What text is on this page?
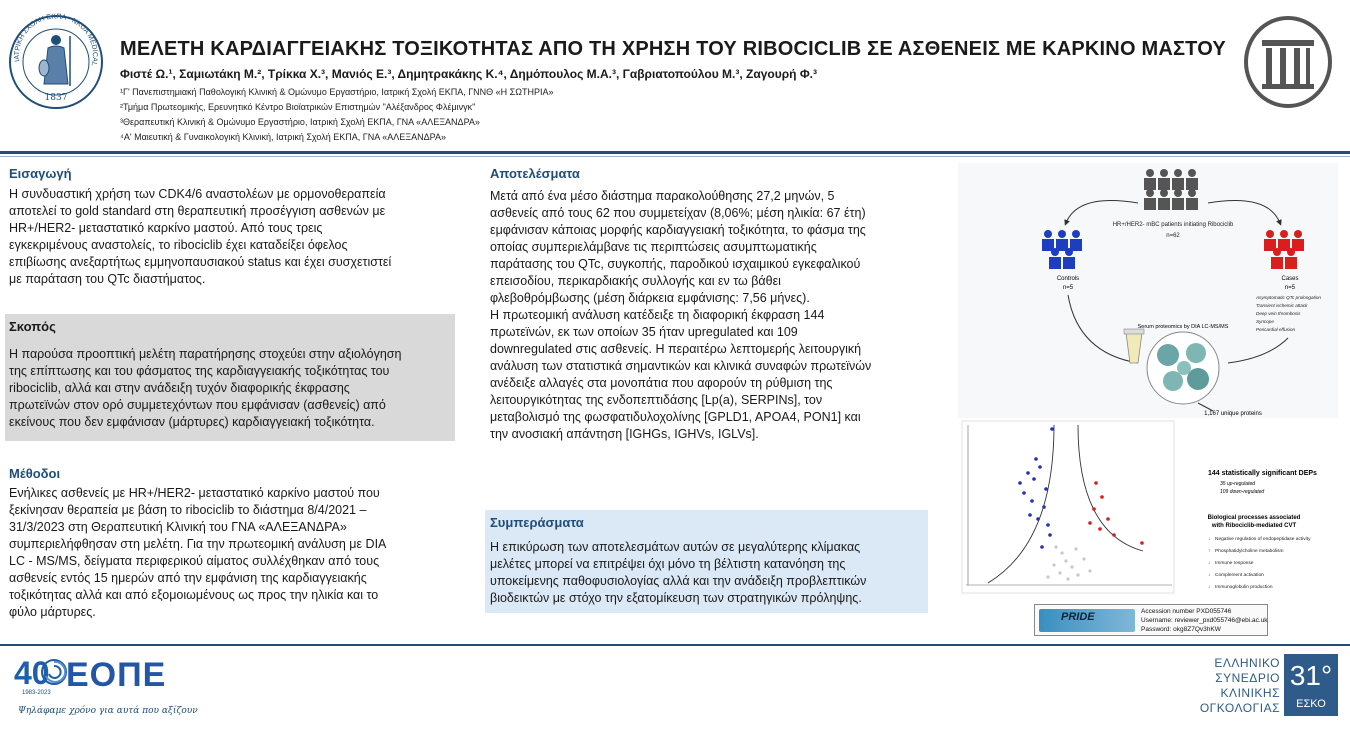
ΙΑΤΡΙΚΗ ΣΧΟΛΗ ΕΚΠΑ • NKUA MEDICAL
1837
ΜΕΛΕΤΗ ΚΑΡΔΙΑΓΓΕΙΑΚΗΣ ΤΟΞΙΚΟΤΗΤΑΣ ΑΠΟ ΤΗ ΧΡΗΣΗ ΤΟΥ RIBOCICLIB ΣΕ ΑΣΘΕΝΕΙΣ ΜΕ ΚΑΡΚΙΝΟ ΜΑΣΤΟΥ
Φιστέ Ω.¹, Σαμιωτάκη Μ.², Τρίκκα Χ.³, Μανιός Ε.³, Δημητρακάκης Κ.⁴, Δημόπουλος Μ.Α.³, Γαβριατοπούλου Μ.³, Ζαγουρή Φ.³
¹Γ' Πανεπιστημιακή Παθολογική Κλινική & Ομώνυμο Εργαστήριο, Ιατρική Σχολή ΕΚΠΑ, ΓΝΝΘ «Η ΣΩΤΗΡΙΑ»
²Τμήμα Πρωτεομικής, Ερευνητικό Κέντρο Βιοϊατρικών Επιστημών "Αλέξανδρος Φλέμινγκ"
³Θεραπευτική Κλινική & Ομώνυμο Εργαστήριο, Ιατρική Σχολή ΕΚΠΑ, ΓΝΑ «ΑΛΕΞΑΝΔΡΑ»
⁴Α' Μαιευτική & Γυναικολογική Κλινική, Ιατρική Σχολή ΕΚΠΑ, ΓΝΑ «ΑΛΕΞΑΝΔΡΑ»
Εισαγωγή
Η συνδυαστική χρήση των CDK4/6 αναστολέων με ορμονοθεραπεία
αποτελεί το gold standard στη θεραπευτική προσέγγιση ασθενών με
HR+/HER2- μεταστατικό καρκίνο μαστού. Από τους τρεις
εγκεκριμένους αναστολείς, το ribociclib έχει καταδείξει όφελος
επιβίωσης ανεξαρτήτως εμμηνοπαυσιακού status και έχει συσχετιστεί
με παράταση του QTc διαστήματος.
Σκοπός
Η παρούσα προοπτική μελέτη παρατήρησης στοχεύει στην αξιολόγηση
της επίπτωσης και του φάσματος της καρδιαγγειακής τοξικότητας του
ribociclib, αλλά και στην ανάδειξη τυχόν διαφορικής έκφρασης
πρωτεϊνών στον ορό συμμετεχόντων που εμφάνισαν (ασθενείς) από
εκείνους που δεν εμφάνισαν (μάρτυρες) καρδιαγγειακή τοξικότητα.
Μέθοδοι
Ενήλικες ασθενείς με HR+/HER2- μεταστατικό καρκίνο μαστού που
ξεκίνησαν θεραπεία με βάση το ribociclib το διάστημα 8/4/2021 –
31/3/2023 στη Θεραπευτική Κλινική του ΓΝΑ «ΑΛΕΞΑΝΔΡΑ»
συμπεριελήφθησαν στη μελέτη. Για την πρωτεομική ανάλυση με DIA
LC - MS/MS, δείγματα περιφερικού αίματος συλλέχθηκαν από τους
ασθενείς εντός 15 ημερών από την εμφάνιση της καρδιαγγειακής
τοξικότητας αλλά και από εξομοιωμένους ως προς την ηλικία και το
φύλο μάρτυρες.
Αποτελέσματα
Μετά από ένα μέσο διάστημα παρακολούθησης 27,2 μηνών, 5
ασθενείς από τους 62 που συμμετείχαν (8,06%; μέση ηλικία: 67 έτη)
εμφάνισαν κάποιας μορφής καρδιαγγειακή τοξικότητα, το φάσμα της
οποίας συμπεριελάμβανε τις περιπτώσεις ασυμπτωματικής
παράτασης του QTc, συγκοπής, παροδικού ισχαιμικού εγκεφαλικού
επεισοδίου, περικαρδιακής συλλογής και εν τω βάθει
φλεβοθρόμβωσης (μέση διάρκεια εμφάνισης: 7,56 μήνες).
Η πρωτεομική ανάλυση κατέδειξε τη διαφορική έκφραση 144
πρωτεϊνών, εκ των οποίων 35 ήταν upregulated και 109
downregulated στις ασθενείς. Η περαιτέρω λεπτομερής λειτουργική
ανάλυση των στατιστικά σημαντικών και κλινικά συναφών πρωτεϊνών
ανέδειξε αλλαγές στα μονοπάτια που αφορούν τη ρύθμιση της
λειτουργικότητας της ενδοπεπτιδάσης [Lp(a), SERPINs], τον
μεταβολισμό της φωσφατιδυλοχολίνης [GPLD1, APOA4, PON1] και
την ανοσιακή απάντηση [IGHGs, IGHVs, IGLVs].
Συμπεράσματα
Η επικύρωση των αποτελεσμάτων αυτών σε μεγαλύτερης κλίμακας
μελέτες μπορεί να επιτρέψει όχι μόνο τη βέλτιστη κατανόηση της
υποκείμενης παθοφυσιολογίας αλλά και την ανάδειξη προβλεπτικών
βιοδεικτών με στόχο την εξατομίκευση των στρατηγικών πρόληψης.
HR+/HER2- mBC patients initiating Ribociclib
n=62
Controls
n=5
Cases
n=5
Asymptomatic QTc prolongation
Transient ischemic attack
Deep vein thrombosis
Syncope
Pericardial effusion
Serum proteomics by DIA LC-MS/MS
1,167 unique proteins
144 statistically significant DEPs
35 up-regulated
109 down-regulated
Biological processes associated
with Ribociclib-mediated CVT
↓ Negative regulation of endopeptidase activity
↑ Phosphatidylcholine metabolism
↓ Immune response
↓ Complement activation
↓ Immunoglobulin production
PRIDE	Accession number PXD055746
Username: reviewer_pxd055746@ebi.ac.uk
Password: okg8Z7Qv3hKW
40 ΕΟΠΕ
1983-2023
Ψηλάφαμε χρόνο για αυτά που αξίζουν
ΕΛΛΗΝΙΚΟ
ΣΥΝΕΔΡΙΟ
ΚΛΙΝΙΚΗΣ
ΟΓΚΟΛΟΓΙΑΣ
31°
ΕΣΚΟ
